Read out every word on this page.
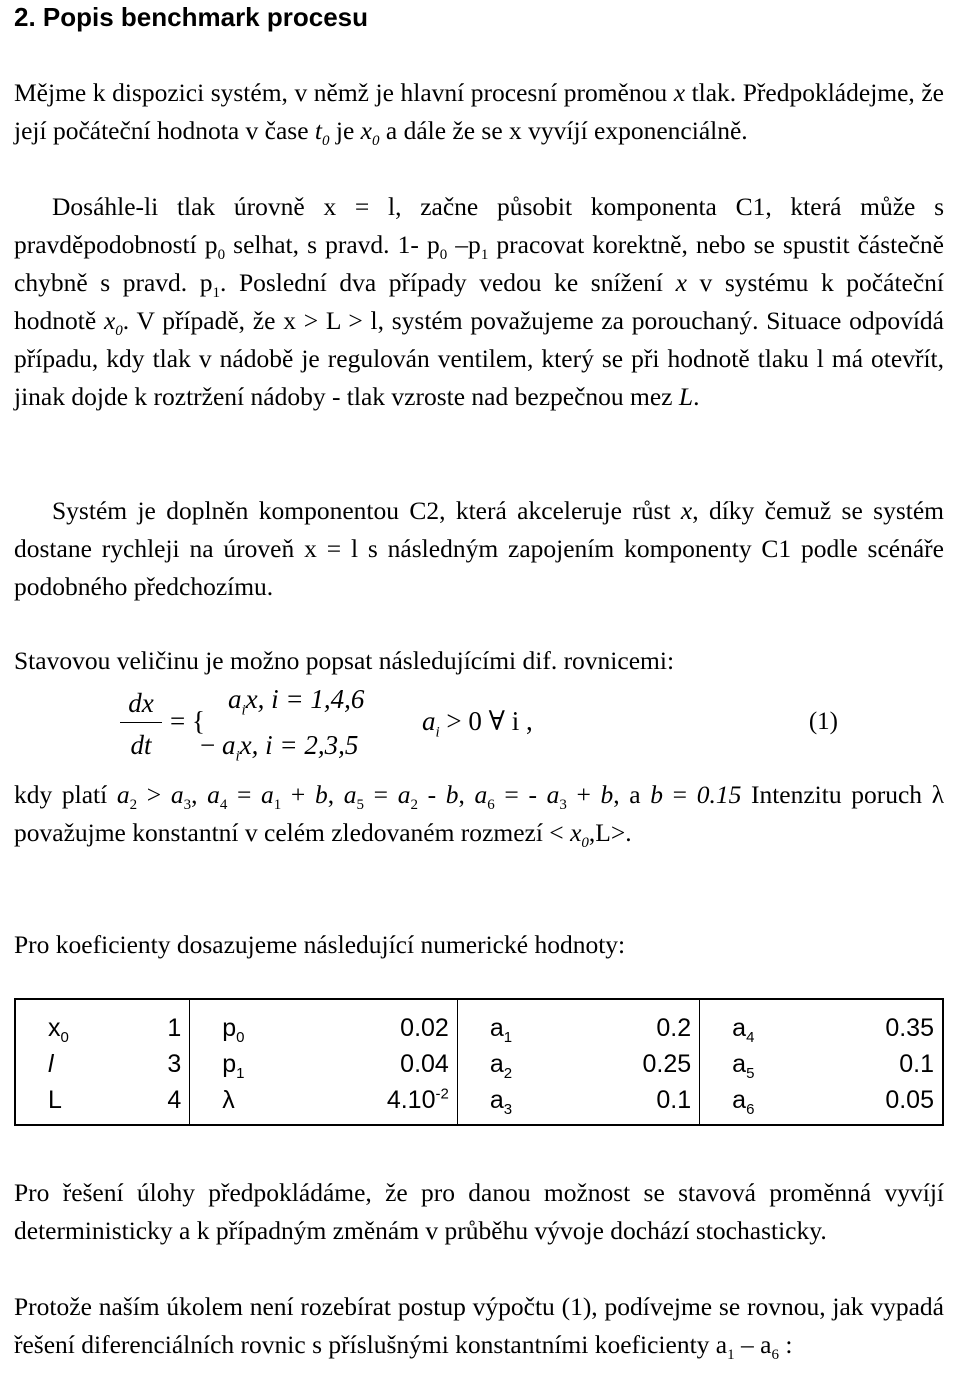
2. Popis benchmark procesu

Mějme k dispozici systém, v němž je hlavní procesní proměnou x tlak. Předpokládejme, že její počáteční hodnota v čase $t_0$ je $x_0$ a dále že se x vyvíjí exponenciálně.

Dosáhle-li tlak úrovně x = l, začne působit komponenta C1, která může s pravděpodobností $p_0$ selhat, s pravd. 1- $p_0$ $-p_1$ pracovat korektně, nebo se spustit částečně chybně s pravd. $p_1$. Poslední dva případy vedou ke snížení x v systému k počáteční hodnotě $x_0$. V případě, že x > L > l, systém považujeme za porouchaný. Situace odpovídá případu, kdy tlak v nádobě je regulován ventilem, který se při hodnotě tlaku l má otevřít, jinak dojde k roztržení nádoby - tlak vzroste nad bezpečnou mez L.

Systém je doplněn komponentou C2, která akceleruje růst x, díky čemuž se systém dostane rychleji na úroveň x = l s následným zapojením komponenty C1 podle scénáře podobného předchozímu.

Stavovou veličinu je možno popsat následujícími dif. rovnicemi:

dx
dt
= {
$a_ix$, i = 1,4,6
− $a_ix$, i = 2,3,5
$a_i > 0$ ∀ i ,	(1)

kdy platí $a_2 > a_3$, $a_4 = a_1 + b$, $a_5 = a_2 - b$, $a_6$ = - $a_3 + b$, a b = 0.15 Intenzitu poruch λ považujme konstantní v celém zledovaném rozmezí < $x_0,L>$.

Pro koeficienty dosazujeme následující numerické hodnoty:

$x_0$	1	$p_0$	0.02	$a_1$	0.2	$a_4$	0.35
l	3	$p_1$	0.04	$a_2$	0.25	$a_5$	0.1
L	4	λ	$4.10^{-2}$	$a_3$	0.1	$a_6$	0.05

Pro řešení úlohy předpokládáme, že pro danou možnost se stavová proměnná vyvíjí deterministicky a k případným změnám v průběhu vývoje dochází stochasticky.

Protože naším úkolem není rozebírat postup výpočtu (1), podívejme se rovnou, jak vypadá řešení diferenciálních rovnic s příslušnými konstantními koeficienty $a_1 - a_6$ :
